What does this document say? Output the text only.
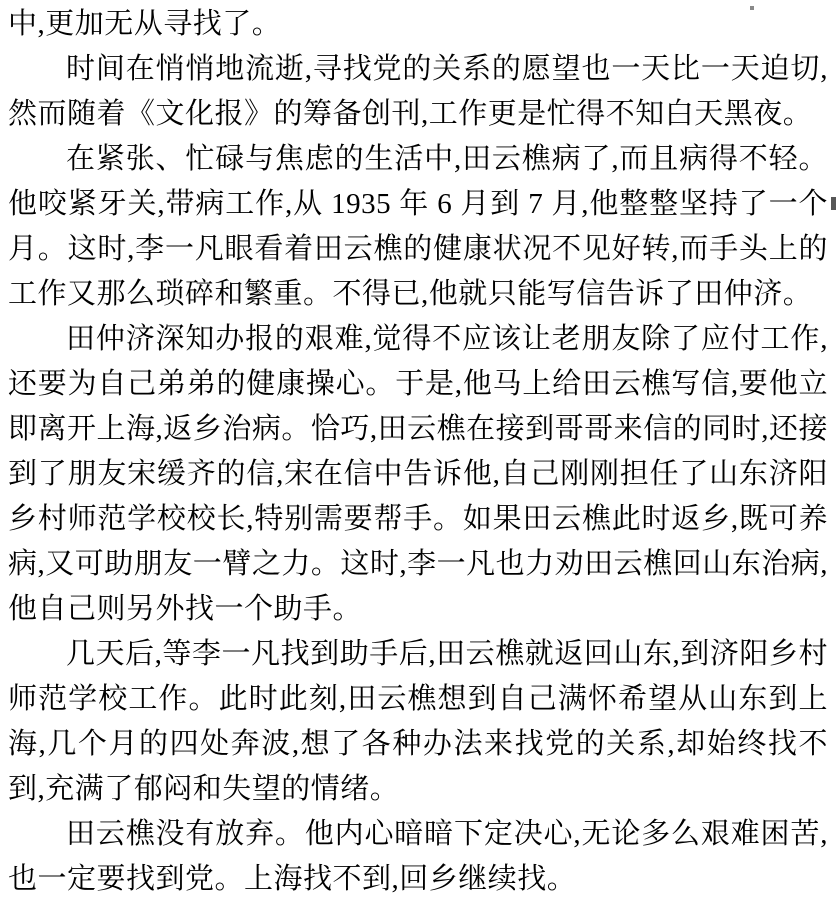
中,更加无从寻找了。

时间在悄悄地流逝,寻找党的关系的愿望也一天比一天迫切,然而随着《文化报》的筹备创刊,工作更是忙得不知白天黑夜。

在紧张、忙碌与焦虑的生活中,田云樵病了,而且病得不轻。他咬紧牙关,带病工作,从 1935 年 6 月到 7 月,他整整坚持了一个月。这时,李一凡眼看着田云樵的健康状况不见好转,而手头上的工作又那么琐碎和繁重。不得已,他就只能写信告诉了田仲济。

田仲济深知办报的艰难,觉得不应该让老朋友除了应付工作,还要为自己弟弟的健康操心。于是,他马上给田云樵写信,要他立即离开上海,返乡治病。恰巧,田云樵在接到哥哥来信的同时,还接到了朋友宋缓齐的信,宋在信中告诉他,自己刚刚担任了山东济阳乡村师范学校校长,特别需要帮手。如果田云樵此时返乡,既可养病,又可助朋友一臂之力。这时,李一凡也力劝田云樵回山东治病,他自己则另外找一个助手。

几天后,等李一凡找到助手后,田云樵就返回山东,到济阳乡村师范学校工作。此时此刻,田云樵想到自己满怀希望从山东到上海,几个月的四处奔波,想了各种办法来找党的关系,却始终找不到,充满了郁闷和失望的情绪。

田云樵没有放弃。他内心暗暗下定决心,无论多么艰难困苦,也一定要找到党。上海找不到,回乡继续找。
